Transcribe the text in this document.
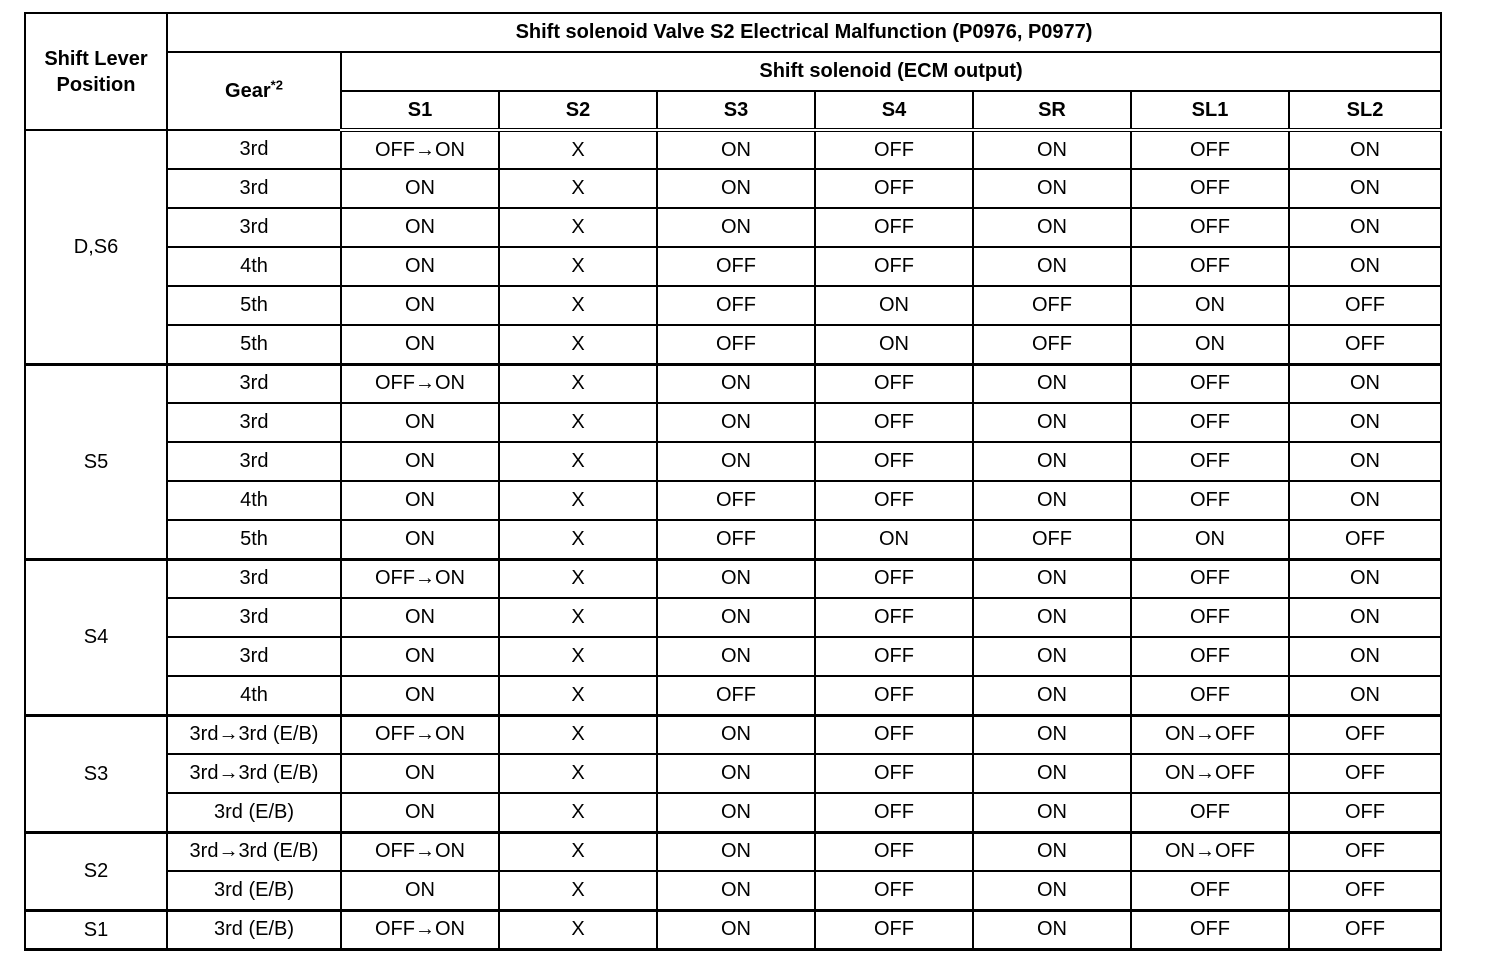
Shift Lever Position	Shift solenoid Valve S2 Electrical Malfunction (P0976, P0977)							
	Gear$^{*2}$	Shift solenoid (ECM output)						
		S1	S2	S3	S4	SR	SL1	SL2
D,S6	3rd	OFF→ON	X	ON	OFF	ON	OFF	ON
	3rd	ON	X	ON	OFF	ON	OFF	ON
	3rd	ON	X	ON	OFF	ON	OFF	ON
	4th	ON	X	OFF	OFF	ON	OFF	ON
	5th	ON	X	OFF	ON	OFF	ON	OFF
	5th	ON	X	OFF	ON	OFF	ON	OFF
S5	3rd	OFF→ON	X	ON	OFF	ON	OFF	ON
	3rd	ON	X	ON	OFF	ON	OFF	ON
	3rd	ON	X	ON	OFF	ON	OFF	ON
	4th	ON	X	OFF	OFF	ON	OFF	ON
	5th	ON	X	OFF	ON	OFF	ON	OFF
S4	3rd	OFF→ON	X	ON	OFF	ON	OFF	ON
	3rd	ON	X	ON	OFF	ON	OFF	ON
	3rd	ON	X	ON	OFF	ON	OFF	ON
	4th	ON	X	OFF	OFF	ON	OFF	ON
S3	3rd→3rd (E/B)	OFF→ON	X	ON	OFF	ON	ON→OFF	OFF
	3rd→3rd (E/B)	ON	X	ON	OFF	ON	ON→OFF	OFF
	3rd (E/B)	ON	X	ON	OFF	ON	OFF	OFF
S2	3rd→3rd (E/B)	OFF→ON	X	ON	OFF	ON	ON→OFF	OFF
	3rd (E/B)	ON	X	ON	OFF	ON	OFF	OFF
S1	3rd (E/B)	OFF→ON	X	ON	OFF	ON	OFF	OFF
